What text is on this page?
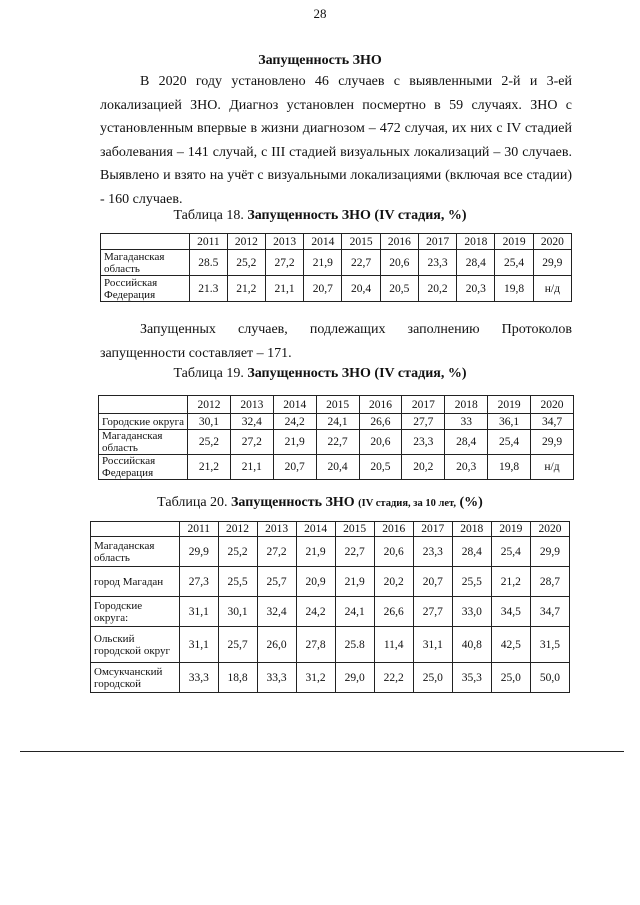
28
Запущенность ЗНО

В 2020 году установлено 46 случаев с выявленными 2-й и 3-ей локализацией ЗНО. Диагноз установлен посмертно в 59 случаях. ЗНО с установленным впервые в жизни диагнозом – 472 случая, их них с IV стадией заболевания – 141 случай, с III стадией визуальных локализаций – 30 случаев. Выявлено и взято на учёт с визуальными локализациями (включая все стадии) - 160 случаев.

Таблица 18. Запущенность ЗНО (IV стадия, %)
	2011	2012	2013	2014	2015	2016	2017	2018	2019	2020
Магаданская область	28.5	25,2	27,2	21,9	22,7	20,6	23,3	28,4	25,4	29,9
Российская Федерация	21.3	21,2	21,1	20,7	20,4	20,5	20,2	20,3	19,8	н/д

Запущенных случаев, подлежащих заполнению Протоколов запущенности составляет – 171.

Таблица 19. Запущенность ЗНО (IV стадия, %)
	2012	2013	2014	2015	2016	2017	2018	2019	2020
Городские округа	30,1	32,4	24,2	24,1	26,6	27,7	33	36,1	34,7
Магаданская область	25,2	27,2	21,9	22,7	20,6	23,3	28,4	25,4	29,9
Российская Федерация	21,2	21,1	20,7	20,4	20,5	20,2	20,3	19,8	н/д
Таблица 20. Запущенность ЗНО (IV стадия, за 10 лет, (%)
	2011	2012	2013	2014	2015	2016	2017	2018	2019	2020
Магаданская область	29,9	25,2	27,2	21,9	22,7	20,6	23,3	28,4	25,4	29,9
город Магадан	27,3	25,5	25,7	20,9	21,9	20,2	20,7	25,5	21,2	28,7
Городские округа:	31,1	30,1	32,4	24,2	24,1	26,6	27,7	33,0	34,5	34,7
Ольский городской округ	31,1	25,7	26,0	27,8	25.8	11,4	31,1	40,8	42,5	31,5
Омсукчанский городской	33,3	18,8	33,3	31,2	29,0	22,2	25,0	35,3	25,0	50,0
